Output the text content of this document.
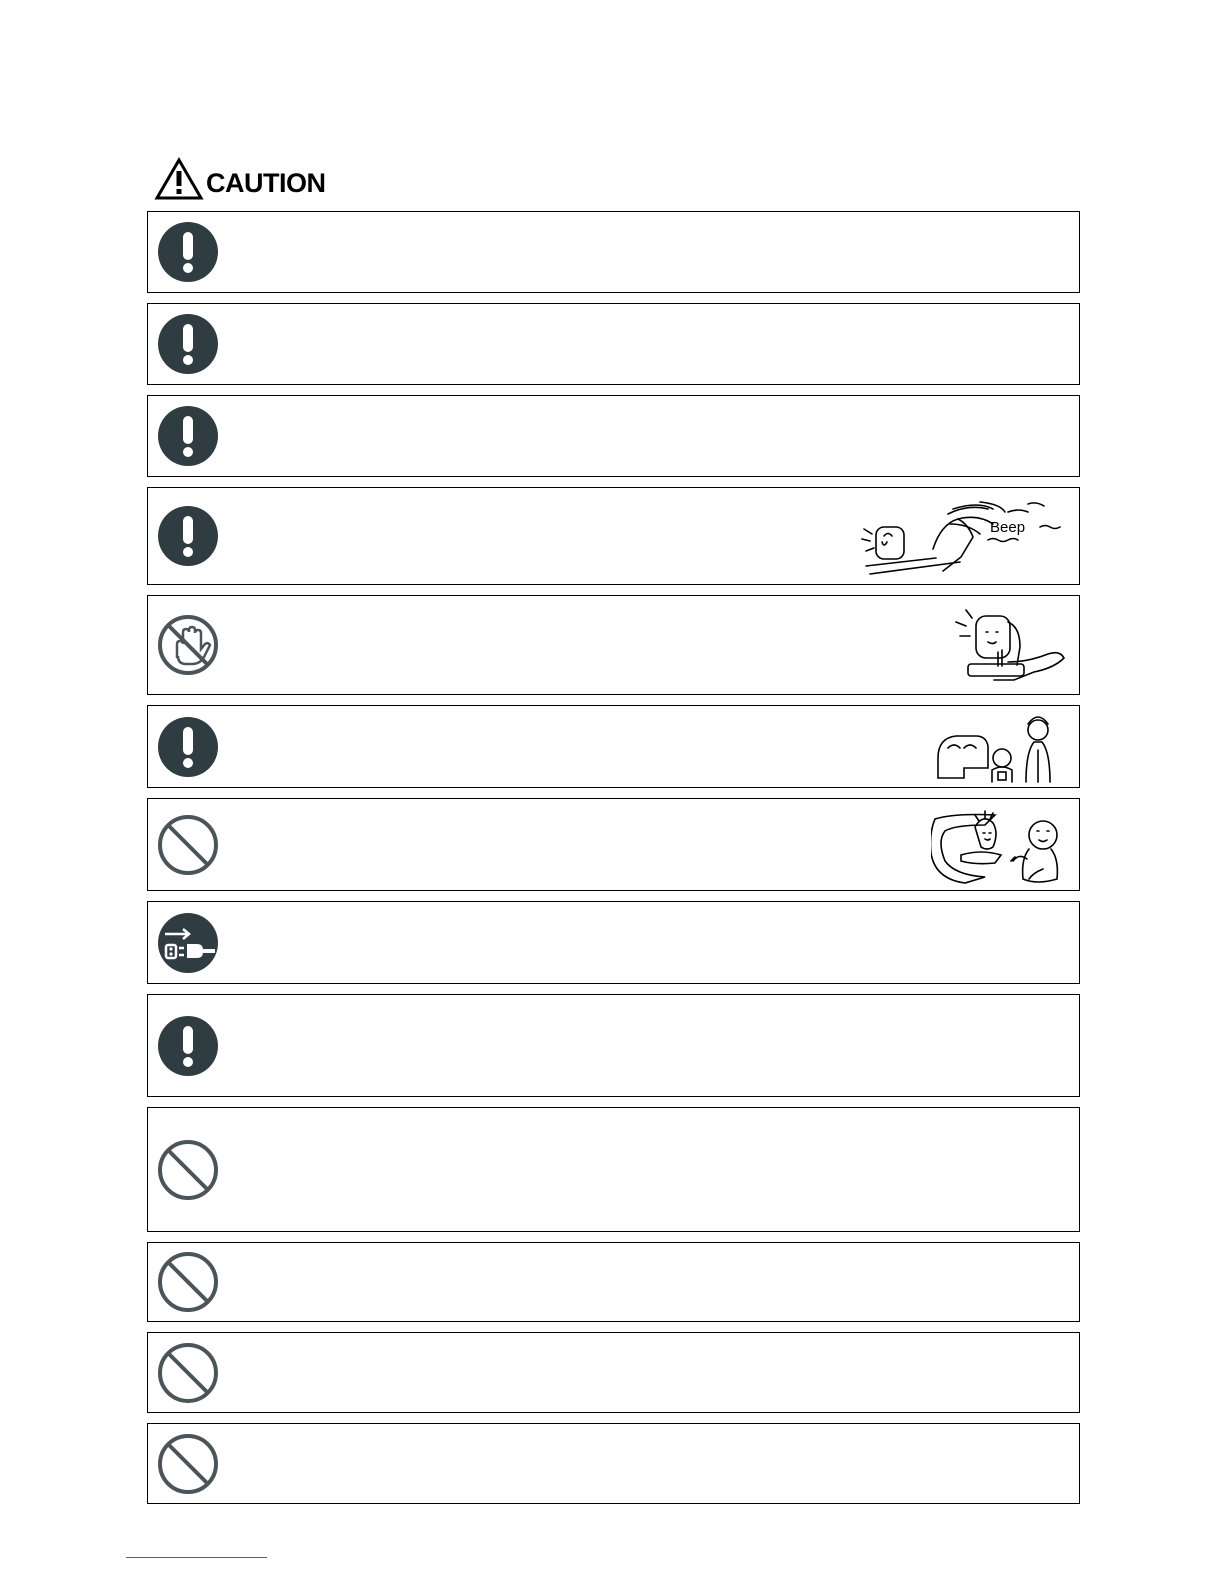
CAUTION
Beep
